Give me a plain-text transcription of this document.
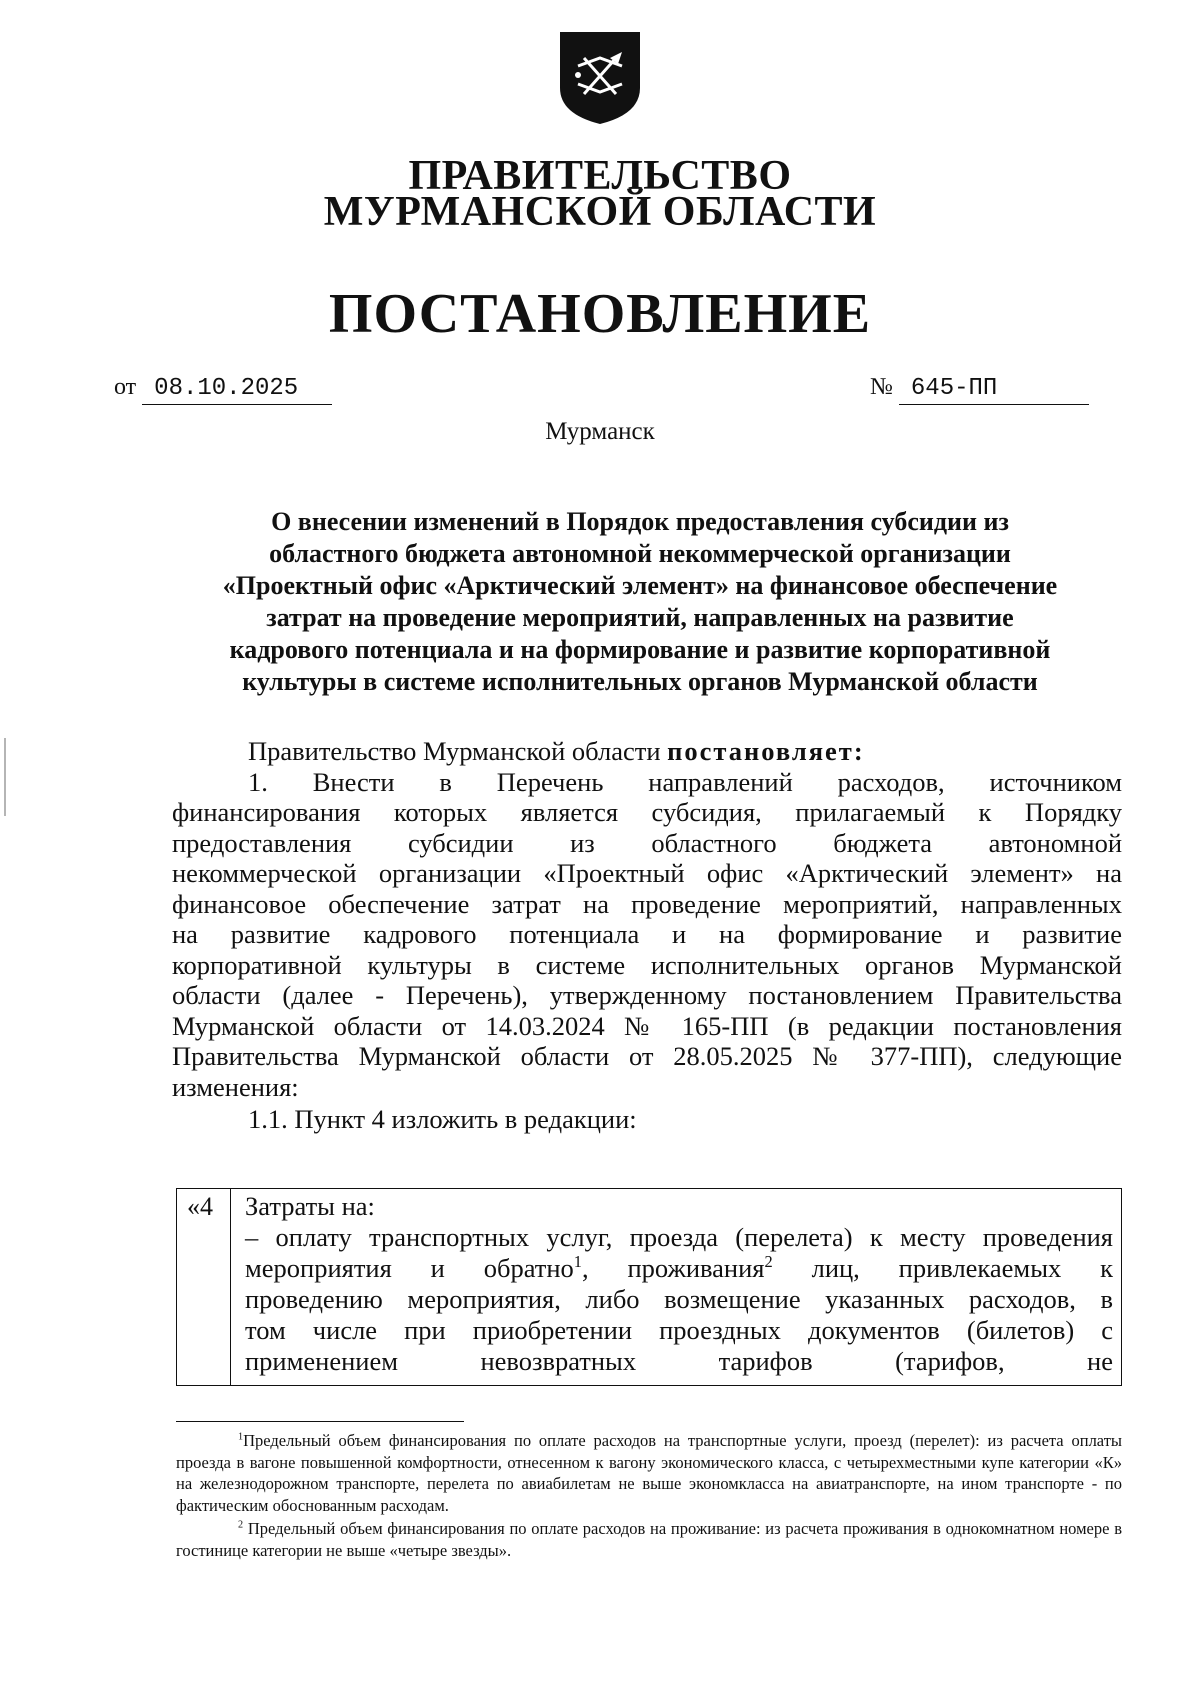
ПРАВИТЕЛЬСТВО
МУРМАНСКОЙ ОБЛАСТИ
ПОСТАНОВЛЕНИЕ
от 08.10.2025	№ 645-ПП
Мурманск

О внесении изменений в Порядок предоставления субсидии из

областного бюджета автономной некоммерческой организации

«Проектный офис «Арктический элемент» на финансовое обеспечение

затрат на проведение мероприятий, направленных на развитие

кадрового потенциала и на формирование и развитие корпоративной

культуры в системе исполнительных органов Мурманской области

Правительство Мурманской области постановляет:

1. Внести в Перечень направлений расходов, источником

финансирования которых является субсидия, прилагаемый к Порядку

предоставления субсидии из областного бюджета автономной

некоммерческой организации «Проектный офис «Арктический элемент» на

финансовое обеспечение затрат на проведение мероприятий, направленных

на развитие кадрового потенциала и на формирование и развитие

корпоративной культуры в системе исполнительных органов Мурманской

области (далее - Перечень), утвержденному постановлением Правительства

Мурманской области от 14.03.2024 № 165-ПП (в редакции постановления

Правительства Мурманской области от 28.05.2025 № 377-ПП), следующие

изменения:

1.1. Пункт 4 изложить в редакции:

«4	Затраты на:

– оплату транспортных услуг, проезда (перелета) к месту проведения

мероприятия и обратно$^1$, проживания$^2$ лиц, привлекаемых к

проведению мероприятия, либо возмещение указанных расходов, в

том числе при приобретении проездных документов (билетов) с

применением невозвратных тарифов (тарифов, не

$^1$Предельный объем финансирования по оплате расходов на транспортные услуги, проезд (перелет): из расчета оплаты проезда в вагоне повышенной комфортности, отнесенном к вагону экономического класса, с четырехместными купе категории «К» на железнодорожном транспорте, перелета по авиабилетам не выше экономкласса на авиатранспорте, на ином транспорте - по фактическим обоснованным расходам.

$^2$ Предельный объем финансирования по оплате расходов на проживание: из расчета проживания в однокомнатном номере в гостинице категории не выше «четыре звезды».
